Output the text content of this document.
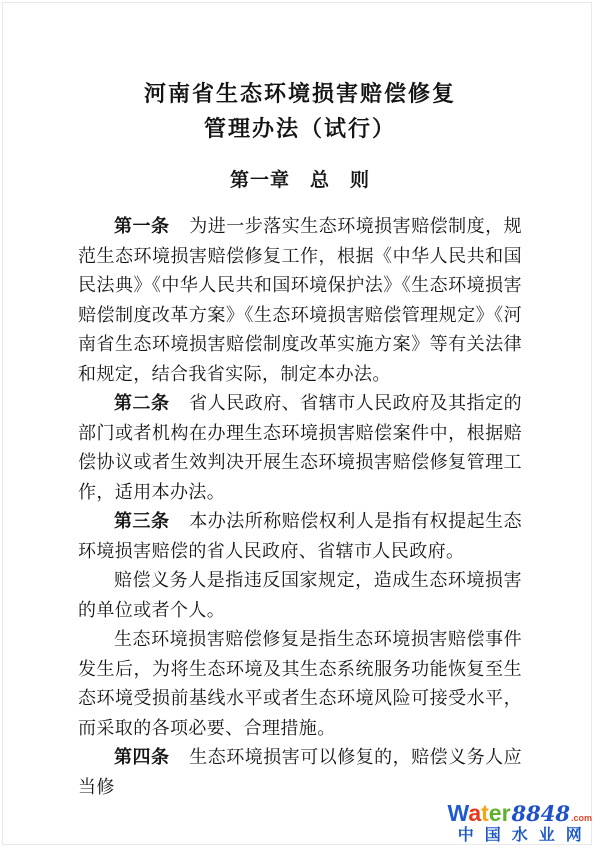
河南省生态环境损害赔偿修复
管理办法（试行）
第一章　总　则

第一条 为进一步落实生态环境损害赔偿制度，规范生态环境损害赔偿修复工作，根据《中华人民共和国民法典》《中华人民共和国环境保护法》《生态环境损害赔偿制度改革方案》《生态环境损害赔偿管理规定》《河南省生态环境损害赔偿制度改革实施方案》等有关法律和规定，结合我省实际，制定本办法。

第二条 省人民政府、省辖市人民政府及其指定的部门或者机构在办理生态环境损害赔偿案件中，根据赔偿协议或者生效判决开展生态环境损害赔偿修复管理工作，适用本办法。

第三条 本办法所称赔偿权利人是指有权提起生态环境损害赔偿的省人民政府、省辖市人民政府。

赔偿义务人是指违反国家规定，造成生态环境损害的单位或者个人。

生态环境损害赔偿修复是指生态环境损害赔偿事件发生后，为将生态环境及其生态系统服务功能恢复至生态环境受损前基线水平或者生态环境风险可接受水平，而采取的各项必要、合理措施。

第四条 生态环境损害可以修复的，赔偿义务人应当修

Water8848.com
中国水业网
